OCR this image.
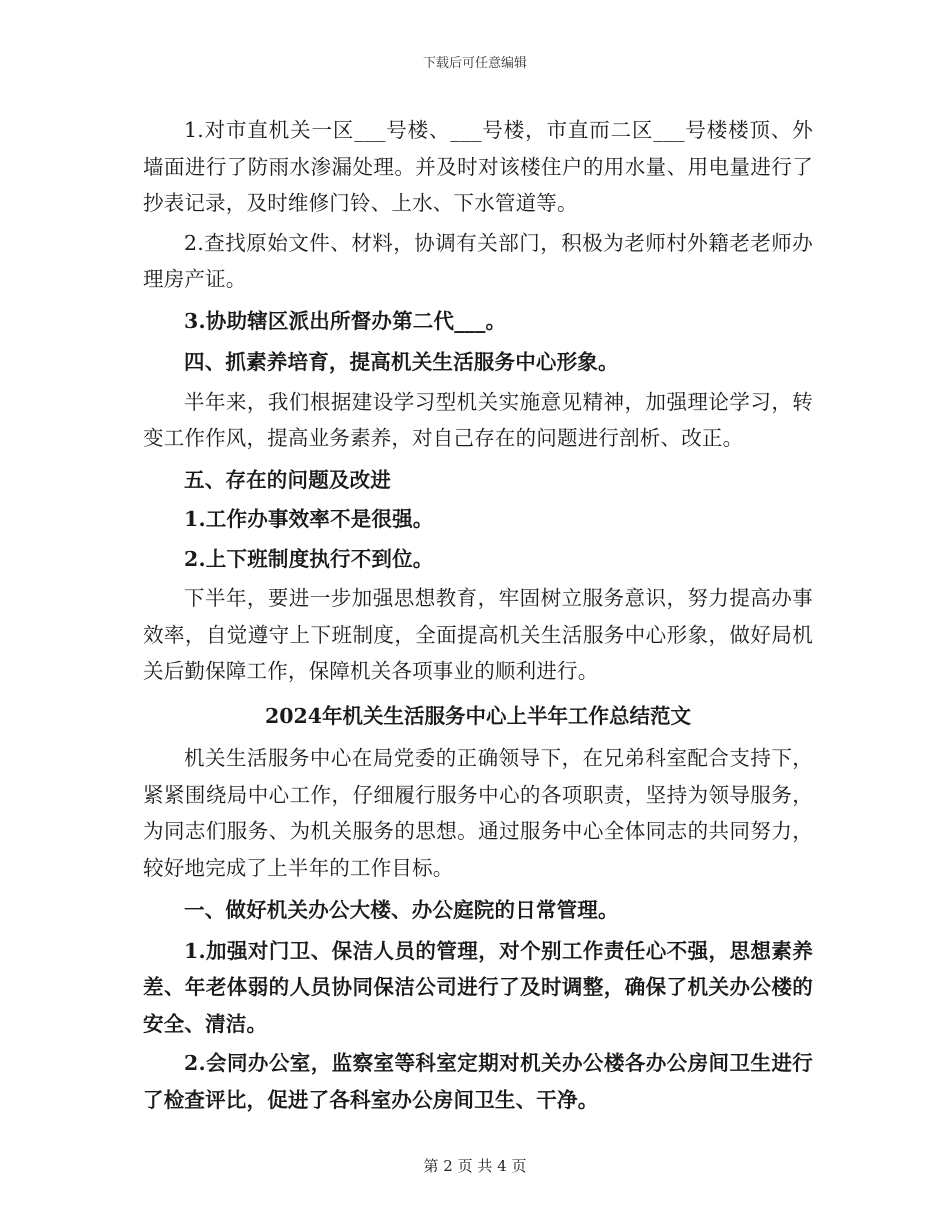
下载后可任意编辑

1.对市直机关一区___号楼、___号楼，市直而二区___号楼楼顶、外墙面进行了防雨水渗漏处理。并及时对该楼住户的用水量、用电量进行了抄表记录，及时维修门铃、上水、下水管道等。

2.查找原始文件、材料，协调有关部门，积极为老师村外籍老老师办理房产证。

3.协助辖区派出所督办第二代___。

四、抓素养培育，提高机关生活服务中心形象。

半年来，我们根据建设学习型机关实施意见精神，加强理论学习，转变工作作风，提高业务素养，对自己存在的问题进行剖析、改正。

五、存在的问题及改进

1.工作办事效率不是很强。

2.上下班制度执行不到位。

下半年，要进一步加强思想教育，牢固树立服务意识，努力提高办事效率，自觉遵守上下班制度，全面提高机关生活服务中心形象，做好局机关后勤保障工作，保障机关各项事业的顺利进行。

2024年机关生活服务中心上半年工作总结范文

机关生活服务中心在局党委的正确领导下，在兄弟科室配合支持下，紧紧围绕局中心工作，仔细履行服务中心的各项职责，坚持为领导服务，为同志们服务、为机关服务的思想。通过服务中心全体同志的共同努力，较好地完成了上半年的工作目标。

一、做好机关办公大楼、办公庭院的日常管理。

1.加强对门卫、保洁人员的管理，对个别工作责任心不强，思想素养差、年老体弱的人员协同保洁公司进行了及时调整，确保了机关办公楼的安全、清洁。

2.会同办公室，监察室等科室定期对机关办公楼各办公房间卫生进行了检查评比，促进了各科室办公房间卫生、干净。

第 2 页 共 4 页
